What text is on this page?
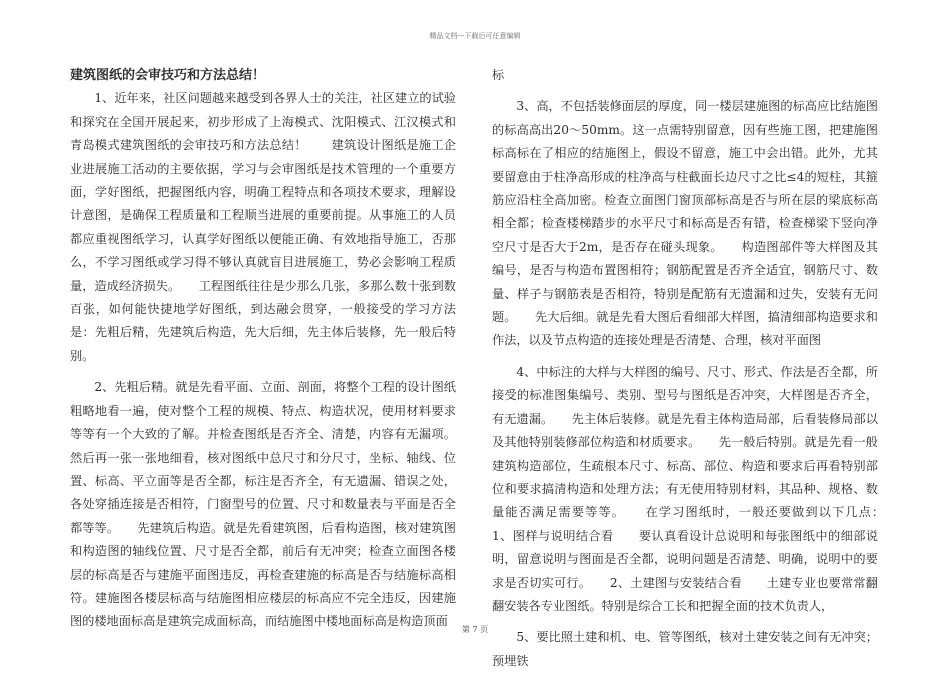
精品文档---下载后可任意编辑

建筑图纸的会审技巧和方法总结！

1、近年来，社区问题越来越受到各界人士的关注，社区建立的试验和探究在全国开展起来，初步形成了上海模式、沈阳模式、江汉模式和青岛模式建筑图纸的会审技巧和方法总结！　　建筑设计图纸是施工企业进展施工活动的主要依据，学习与会审图纸是技术管理的一个重要方面，学好图纸，把握图纸内容，明确工程特点和各项技术要求，理解设计意图，是确保工程质量和工程顺当进展的重要前提。从事施工的人员都应重视图纸学习，认真学好图纸以便能正确、有效地指导施工，否那么，不学习图纸或学习得不够认真就盲目进展施工，势必会影响工程质量，造成经济损失。　　工程图纸往往是少那么几张，多那么数十张到数百张，如何能快捷地学好图纸，到达融会贯穿，一般接受的学习方法是：先粗后精，先建筑后构造，先大后细，先主体后装修，先一般后特别。

2、先粗后精。就是先看平面、立面、剖面，将整个工程的设计图纸粗略地看一遍，使对整个工程的规模、特点、构造状况，使用材料要求等等有一个大致的了解。并检查图纸是否齐全、清楚，内容有无漏项。然后再一张一张地细看，核对图纸中总尺寸和分尺寸，坐标、轴线、位置、标高、平立面等是否全都，标注是否齐全，有无遗漏、错误之处，各处穿插连接是否相符，门窗型号的位置、尺寸和数量表与平面是否全都等等。　　先建筑后构造。就是先看建筑图，后看构造图，核对建筑图和构造图的轴线位置、尺寸是否全都，前后有无冲突；检查立面图各楼层的标高是否与建施平面图违反，再检查建施的标高是否与结施标高相符。建施图各楼层标高与结施图相应楼层的标高应不完全违反，因建施图的楼地面标高是建筑完成面标高，而结施图中楼地面标高是构造顶面

标

3、高，不包括装修面层的厚度，同一楼层建施图的标高应比结施图的标高高出20～50mm。这一点需特别留意，因有些施工图，把建施图标高标在了相应的结施图上，假设不留意，施工中会出错。此外，尤其要留意由于柱净高形成的柱净高与柱截面长边尺寸之比≤4的短柱，其箍筋应沿柱全高加密。检查立面图门窗顶部标高是否与所在层的梁底标高相全都；检查楼梯踏步的水平尺寸和标高是否有错，检查梯梁下竖向净空尺寸是否大于2m，是否存在碰头现象。　　构造图部件等大样图及其编号，是否与构造布置图相符；钢筋配置是否齐全适宜，钢筋尺寸、数量、样子与钢筋表是否相符，特别是配筋有无遗漏和过失，安装有无问题。　　先大后细。就是先看大图后看细部大样图，搞清细部构造要求和作法，以及节点构造的连接处理是否清楚、合理，核对平面图

4、中标注的大样与大样图的编号、尺寸、形式、作法是否全都，所接受的标准图集编号、类别、型号与图纸是否冲突，大样图是否齐全，有无遗漏。　　先主体后装修。就是先看主体构造局部，后看装修局部以及其他特别装修部位构造和材质要求。　　先一般后特别。就是先看一般建筑构造部位，生疏根本尺寸、标高、部位、构造和要求后再看特别部位和要求搞清构造和处理方法；有无使用特别材料，其品种、规格、数量能否满足需要等等。　　在学习图纸时，一般还要做到以下几点：　　1、图样与说明结合看　　要认真看设计总说明和每张图纸中的细部说明，留意说明与图面是否全都，说明问题是否清楚、明确，说明中的要求是否切实可行。　　2、土建图与安装结合看　　土建专业也要常常翻翻安装各专业图纸。特别是综合工长和把握全面的技术负责人，

5、要比照土建和机、电、管等图纸，核对土建安装之间有无冲突；预埋铁

第 7 页
